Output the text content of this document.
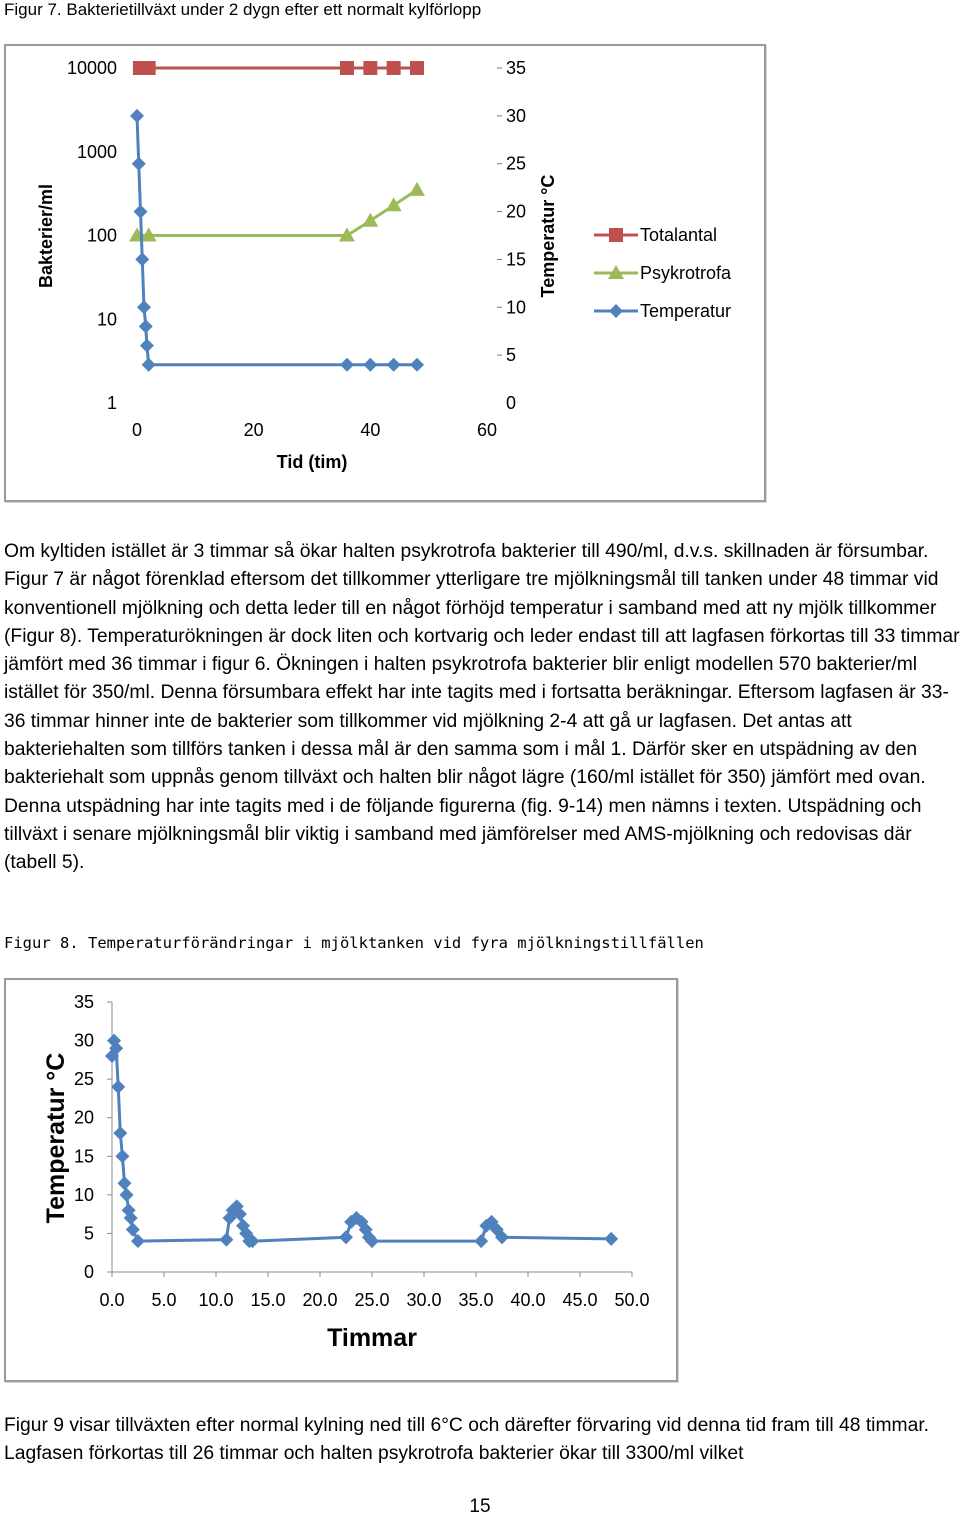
Figur 7. Bakterietillväxt under 2 dygn efter ett normalt kylförlopp
1
10
100
1000
10000
0
5
10
15
20
25
30
35
0	20	40	60
Tid (tim)
Bakterier/ml	Temperatur °C	Totalantal
Psykrotrofa
Temperatur
Om kyltiden istället är 3 timmar så ökar halten psykrotrofa bakterier till 490/ml, d.v.s. skillnaden är försumbar. Figur 7 är något förenklad eftersom det tillkommer ytterligare tre mjölkningsmål till tanken under 48 timmar vid konventionell mjölkning och detta leder till en något förhöjd temperatur i samband med att ny mjölk tillkommer (Figur 8). Temperaturökningen är dock liten och kortvarig och leder endast till att lagfasen förkortas till 33 timmar jämfört med 36 timmar i figur 6. Ökningen i halten psykrotrofa bakterier blir enligt modellen 570 bakterier/ml istället för 350/ml. Denna försumbara effekt har inte tagits med i fortsatta beräkningar. Eftersom lagfasen är 33-36 timmar hinner inte de bakterier som tillkommer vid mjölkning 2-4 att gå ur lagfasen. Det antas att bakteriehalten som tillförs tanken i dessa mål är den samma som i mål 1. Därför sker en utspädning av den bakteriehalt som uppnås genom tillväxt och halten blir något lägre (160/ml istället för 350) jämfört med ovan. Denna utspädning har inte tagits med i de följande figurerna (fig. 9-14) men nämns i texten. Utspädning och tillväxt i senare mjölkningsmål blir viktig i samband med jämförelser med AMS-mjölkning och redovisas där (tabell 5).
Figur 8. Temperaturförändringar i mjölktanken vid fyra mjölkningstillfällen
0
5
10
15
20
25
30
35
0.0 5.0 10.0 15.0 20.0 25.0 30.0 35.0 40.0 45.0 50.0
Timmar
Temperatur °C
Figur 9 visar tillväxten efter normal kylning ned till 6°C och därefter förvaring vid denna tid fram till 48 timmar. Lagfasen förkortas till 26 timmar och halten psykrotrofa bakterier ökar till 3300/ml vilket
15
